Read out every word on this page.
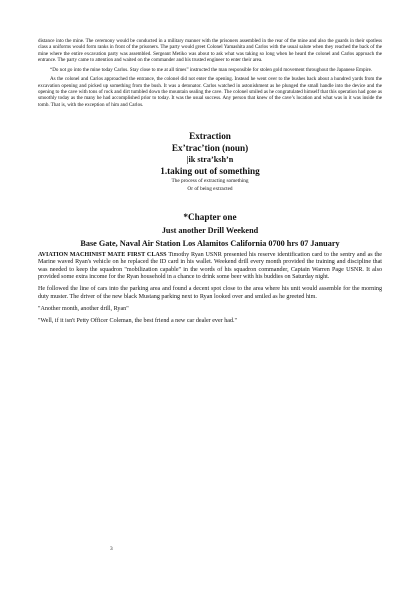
distance into the mine. The ceremony would be conducted in a military manner with the prisoners assembled in the rear of the mine and also the guards in their spotless class a uniforms would form ranks in front of the prisoners. The party would greet Colonel Yamashita and Carlos with the usual salute when they reached the back of the mine where the entire excavation party was assembled. Sergeant Metiko was about to ask what was taking so long when he heard the colonel and Carlos approach the entrance. The party came to attention and waited on the commander and his trusted engineer to enter their area.

“Do not go into the mine today Carlos. Stay close to me at all times” instructed the man responsible for stolen gold movement throughout the Japanese Empire.

As the colonel and Carlos approached the entrance, the colonel did not enter the opening. Instead he went over to the bushes back about a hundred yards from the excavation opening and picked up something from the bush. It was a detonator. Carlos watched in astonishment as he plunged the small handle into the device and the opening to the cave with tons of rock and dirt tumbled down the mountain sealing the cave. The colonel smiled as he congratulated himself that this operation had gone as smoothly today as the many he had accomplished prior to today. It was the usual success. Any person that knew of the cave’s location and what was in it was inside the tomb. That is, with the exception of him and Carlos.

Extraction

Ex’trac’tion (noun)

|ik stra’ksh’n

1.taking out of something

The process of extracting something

Or of being extracted

*Chapter one

Just another Drill Weekend

Base Gate, Naval Air Station Los Alamitos California 0700 hrs 07 January

AVIATION MACHINIST MATE FIRST CLASS Timothy Ryan USNR presented his reserve identification card to the sentry and as the Marine waved Ryan's vehicle on he replaced the ID card in his wallet. Weekend drill every month provided the training and discipline that was needed to keep the squadron "mobilization capable" in the words of his squadron commander, Captain Warren Page USNR. It also provided some extra income for the Ryan household in a chance to drink some beer with his buddies on Saturday night.

He followed the line of cars into the parking area and found a decent spot close to the area where his unit would assemble for the morning duty muster. The driver of the new black Mustang parking next to Ryan looked over and smiled as he greeted him.

"Another month, another drill, Ryan"

"Well, if it isn't Petty Officer Coleman, the best friend a new car dealer ever had."

3
